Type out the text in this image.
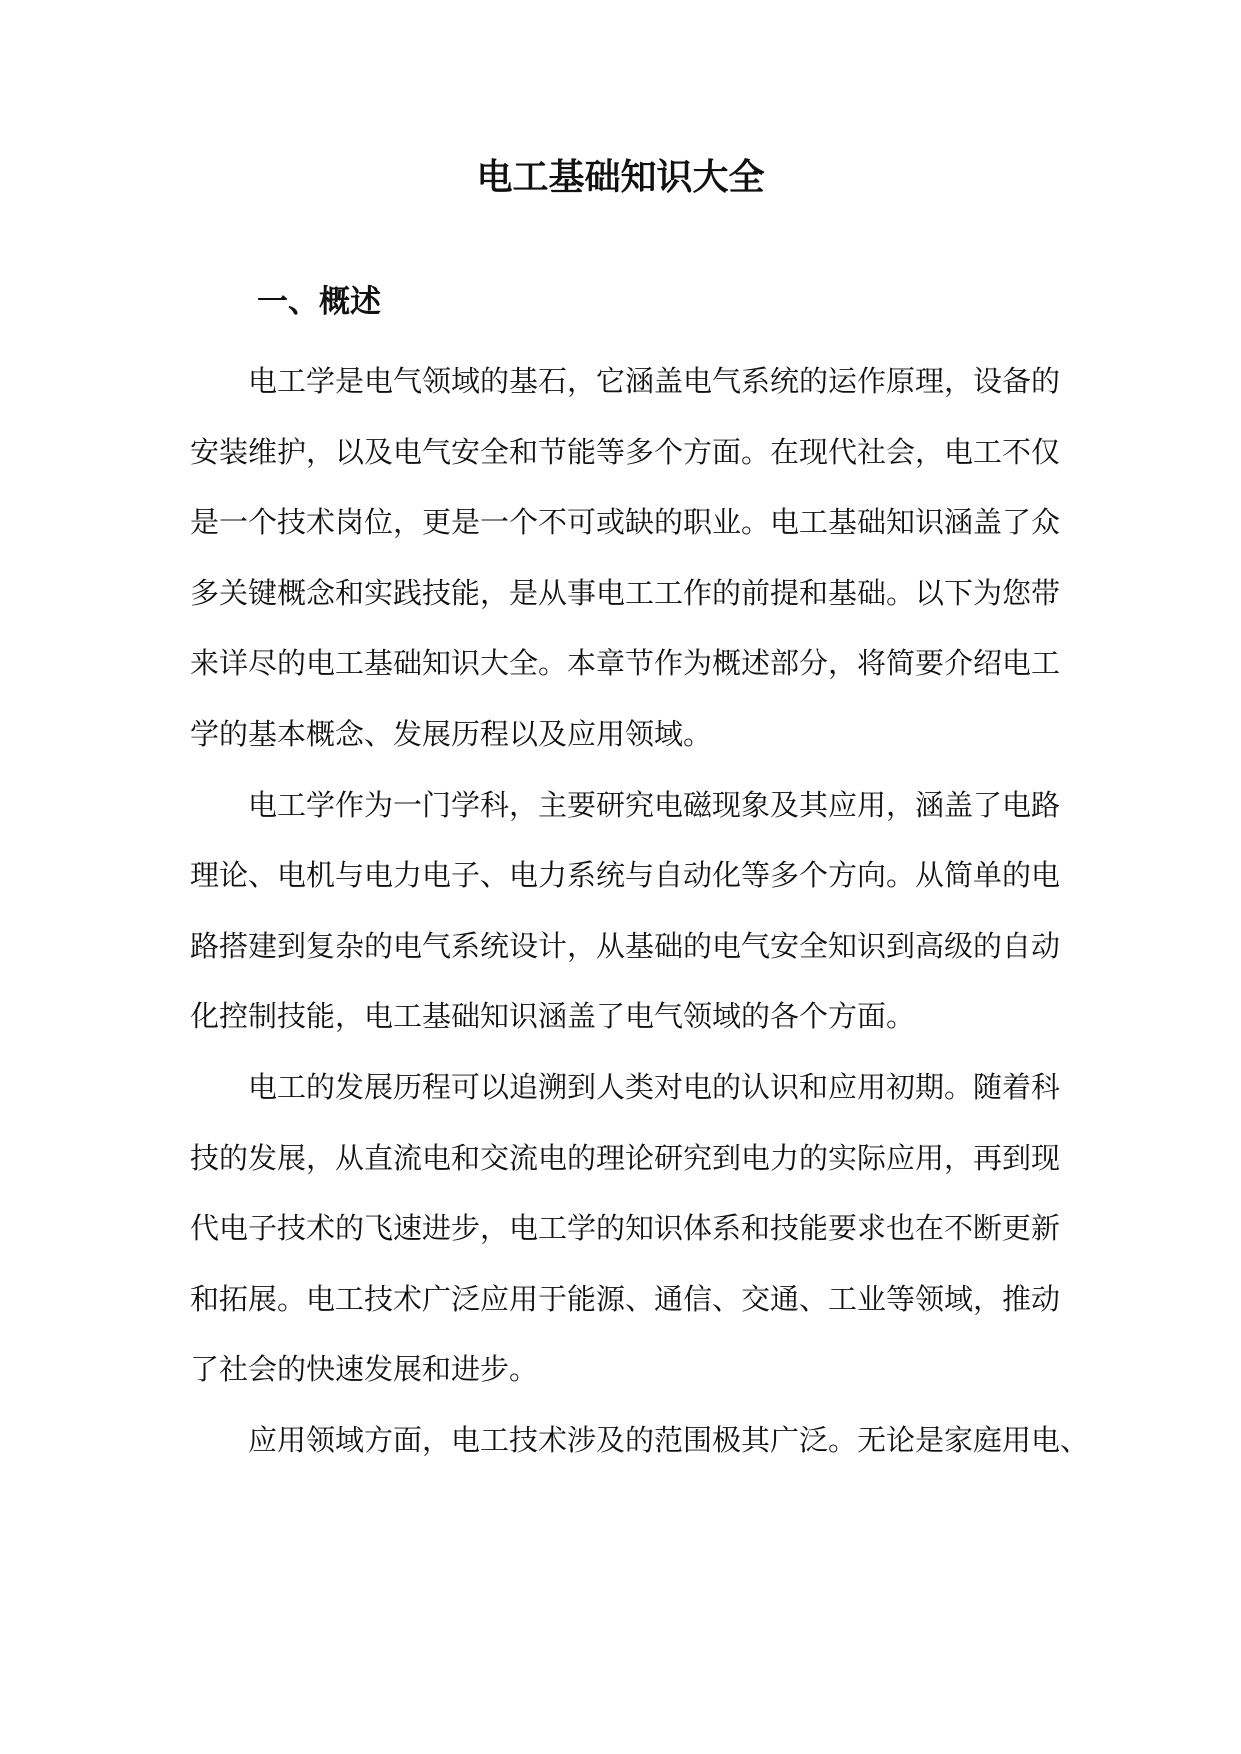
电工基础知识大全
一、概述
电工学是电气领域的基石，它涵盖电气系统的运作原理，设备的
安装维护，以及电气安全和节能等多个方面。在现代社会，电工不仅
是一个技术岗位，更是一个不可或缺的职业。电工基础知识涵盖了众
多关键概念和实践技能，是从事电工工作的前提和基础。以下为您带
来详尽的电工基础知识大全。本章节作为概述部分，将简要介绍电工
学的基本概念、发展历程以及应用领域。
电工学作为一门学科，主要研究电磁现象及其应用，涵盖了电路
理论、电机与电力电子、电力系统与自动化等多个方向。从简单的电
路搭建到复杂的电气系统设计，从基础的电气安全知识到高级的自动
化控制技能，电工基础知识涵盖了电气领域的各个方面。
电工的发展历程可以追溯到人类对电的认识和应用初期。随着科
技的发展，从直流电和交流电的理论研究到电力的实际应用，再到现
代电子技术的飞速进步，电工学的知识体系和技能要求也在不断更新
和拓展。电工技术广泛应用于能源、通信、交通、工业等领域，推动
了社会的快速发展和进步。
应用领域方面，电工技术涉及的范围极其广泛。无论是家庭用电、
